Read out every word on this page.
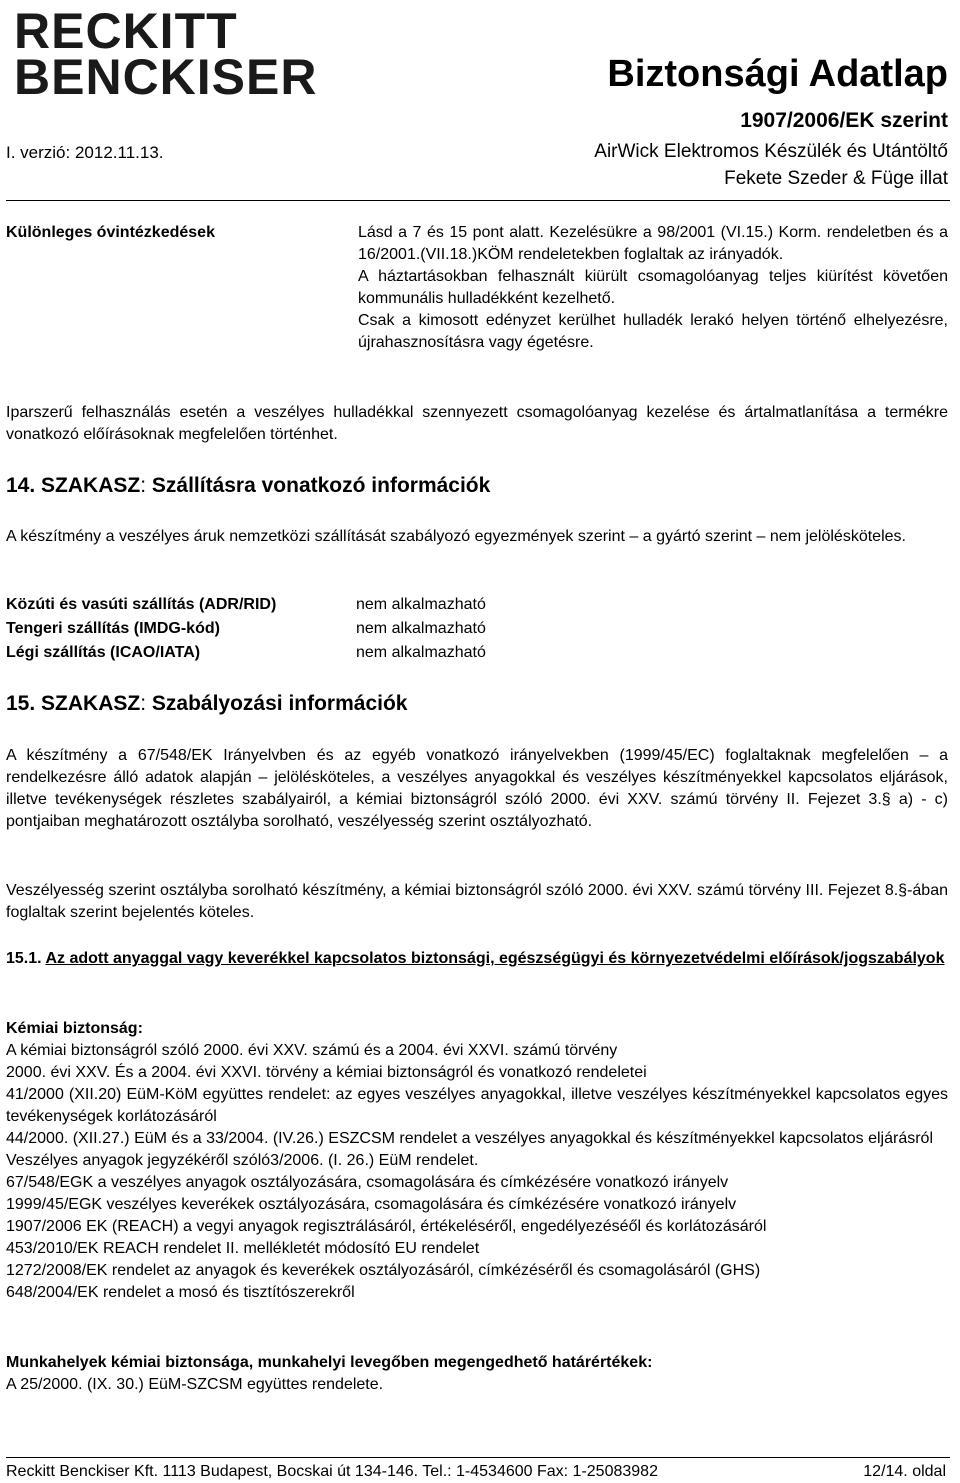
RECKITT
BENCKISER
I. verzió: 2012.11.13.
Biztonsági Adatlap
1907/2006/EK szerint
AirWick Elektromos Készülék és Utántöltő
Fekete Szeder & Füge illat
Különleges óvintézkedések	Lásd a 7 és 15 pont alatt. Kezelésükre a 98/2001 (VI.15.) Korm. rendeletben és a 16/2001.(VII.18.)KÖM rendeletekben foglaltak az irányadók.

A háztartásokban felhasznált kiürült csomagolóanyag teljes kiürítést követően kommunális hulladékként kezelhető.

Csak a kimosott edényzet kerülhet hulladék lerakó helyen történő elhelyezésre, újrahasznosításra vagy égetésre.

Iparszerű felhasználás esetén a veszélyes hulladékkal szennyezett csomagolóanyag kezelése és ártalmatlanítása a termékre vonatkozó előírásoknak megfelelően történhet.
14. SZAKASZ: Szállításra vonatkozó információk
A készítmény a veszélyes áruk nemzetközi szállítását szabályozó egyezmények szerint – a gyártó szerint – nem jelölésköteles.
Közúti és vasúti szállítás (ADR/RID)	nem alkalmazható
Tengeri szállítás (IMDG-kód)	nem alkalmazható
Légi szállítás (ICAO/IATA)	nem alkalmazható
15. SZAKASZ: Szabályozási információk
A készítmény a 67/548/EK Irányelvben és az egyéb vonatkozó irányelvekben (1999/45/EC) foglaltaknak megfelelően – a rendelkezésre álló adatok alapján – jelölésköteles, a veszélyes anyagokkal és veszélyes készítményekkel kapcsolatos eljárások, illetve tevékenységek részletes szabályairól, a kémiai biztonságról szóló 2000. évi XXV. számú törvény II. Fejezet 3.§ a) - c) pontjaiban meghatározott osztályba sorolható, veszélyesség szerint osztályozható.
Veszélyesség szerint osztályba sorolható készítmény, a kémiai biztonságról szóló 2000. évi XXV. számú törvény III. Fejezet 8.§-ában foglaltak szerint bejelentés köteles.
15.1. Az adott anyaggal vagy keverékkel kapcsolatos biztonsági, egészségügyi és környezetvédelmi előírások/jogszabályok
Kémiai biztonság:

A kémiai biztonságról szóló 2000. évi XXV. számú és a 2004. évi XXVI. számú törvény

2000. évi XXV. És a 2004. évi XXVI. törvény a kémiai biztonságról és vonatkozó rendeletei

41/2000 (XII.20) EüM-KöM együttes rendelet: az egyes veszélyes anyagokkal, illetve veszélyes készítményekkel kapcsolatos egyes tevékenységek korlátozásáról

44/2000. (XII.27.) EüM és a 33/2004. (IV.26.) ESZCSM rendelet a veszélyes anyagokkal és készítményekkel kapcsolatos eljárásról

Veszélyes anyagok jegyzékéről szóló3/2006. (I. 26.) EüM rendelet.

67/548/EGK a veszélyes anyagok osztályozására, csomagolására és címkézésére vonatkozó irányelv

1999/45/EGK veszélyes keverékek osztályozására, csomagolására és címkézésére vonatkozó irányelv

1907/2006 EK (REACH) a vegyi anyagok regisztrálásáról, értékeléséről, engedélyezéséől és korlátozásáról

453/2010/EK REACH rendelet II. mellékletét módosító EU rendelet

1272/2008/EK rendelet az anyagok és keverékek osztályozásáról, címkézéséről és csomagolásáról (GHS)

648/2004/EK rendelet a mosó és tisztítószerekről

Munkahelyek kémiai biztonsága, munkahelyi levegőben megengedhető határértékek:
A 25/2000. (IX. 30.) EüM-SZCSM együttes rendelete.
Reckitt Benckiser Kft. 1113 Budapest, Bocskai út 134-146. Tel.: 1-4534600 Fax: 1-25083982	12/14. oldal
